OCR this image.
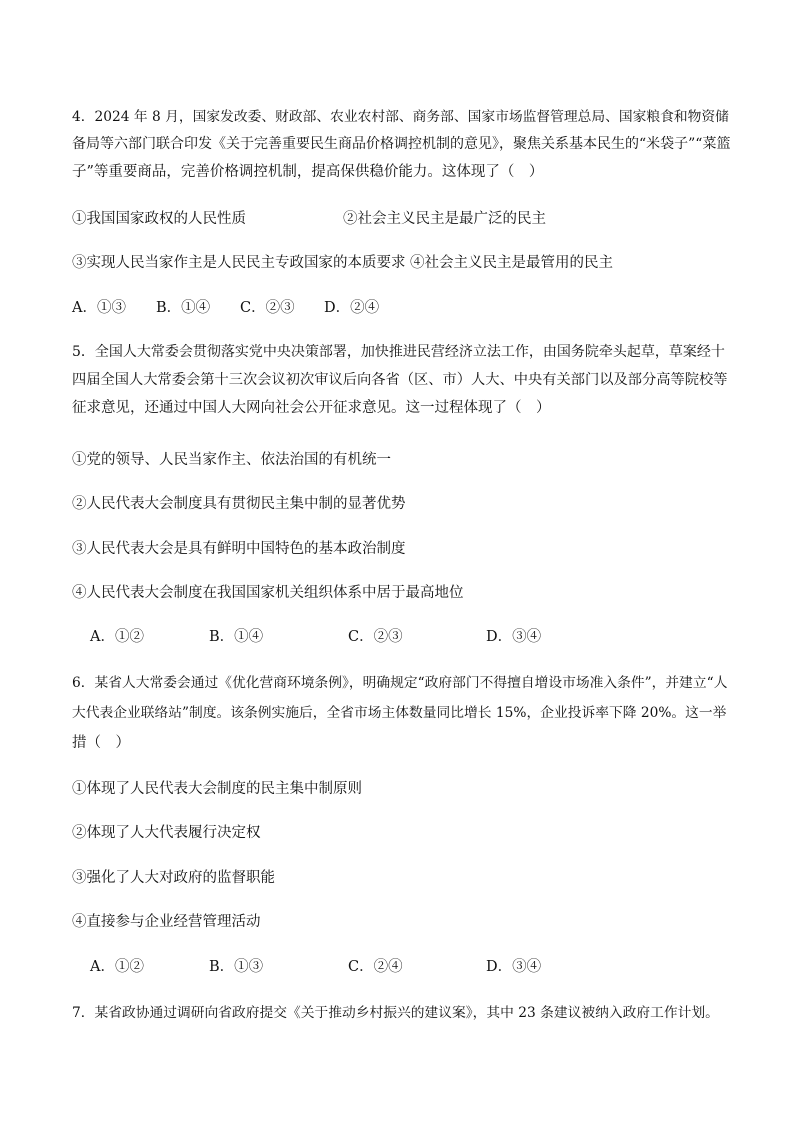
4．2024 年 8 月，国家发改委、财政部、农业农村部、商务部、国家市场监督管理总局、国家粮食和物资储
备局等六部门联合印发《关于完善重要民生商品价格调控机制的意见》，聚焦关系基本民生的“米袋子”“菜篮
子”等重要商品，完善价格调控机制，提高保供稳价能力。这体现了（　）
①我国国家政权的人民性质	②社会主义民主是最广泛的民主
③实现人民当家作主是人民民主专政国家的本质要求 ④社会主义民主是最管用的民主
A．①③ B．①④ C．②③ D．②④
5．全国人大常委会贯彻落实党中央决策部署，加快推进民营经济立法工作，由国务院牵头起草，草案经十
四届全国人大常委会第十三次会议初次审议后向各省（区、市）人大、中央有关部门以及部分高等院校等
征求意见，还通过中国人大网向社会公开征求意见。这一过程体现了（　）
①党的领导、人民当家作主、依法治国的有机统一
②人民代表大会制度具有贯彻民主集中制的显著优势
③人民代表大会是具有鲜明中国特色的基本政治制度
④人民代表大会制度在我国国家机关组织体系中居于最高地位
A．①②	B．①④	C．②③	D．③④
6．某省人大常委会通过《优化营商环境条例》，明确规定“政府部门不得擅自增设市场准入条件”，并建立“人
大代表企业联络站”制度。该条例实施后，全省市场主体数量同比增长 15%，企业投诉率下降 20%。这一举
措（　）
①体现了人民代表大会制度的民主集中制原则
②体现了人大代表履行决定权
③强化了人大对政府的监督职能
④直接参与企业经营管理活动
A．①②	B．①③	C．②④	D．③④
7．某省政协通过调研向省政府提交《关于推动乡村振兴的建议案》，其中 23 条建议被纳入政府工作计划。
